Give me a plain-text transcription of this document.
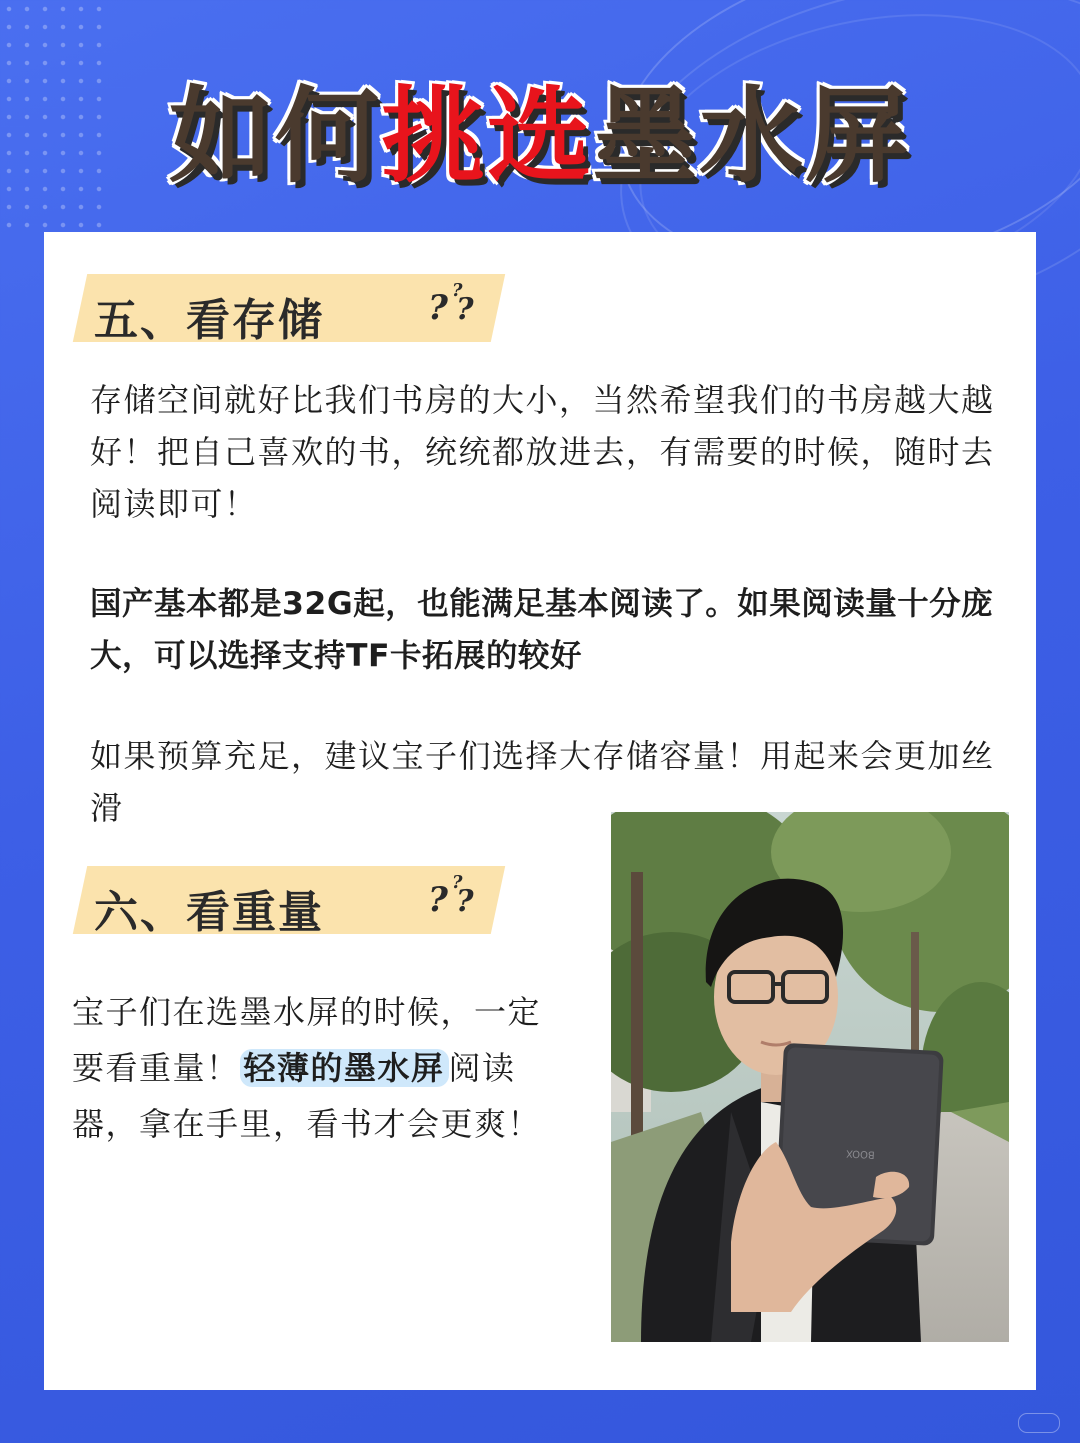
如何 挑选 墨水屏
五、看存储	? ?
?

存储空间就好比我们书房的大小，当然希望我们的书房越大越好！把自己喜欢的书，统统都放进去，有需要的时候，随时去阅读即可！

国产基本都是32G起，也能满足基本阅读了。如果阅读量十分庞大，可以选择支持TF卡拓展的较好

如果预算充足，建议宝子们选择大存储容量！用起来会更加丝滑

六、看重量	? ?
?

宝子们在选墨水屏的时候，一定要看重量！ 轻薄的墨水屏 阅读器，拿在手里，看书才会更爽！

BOOX
